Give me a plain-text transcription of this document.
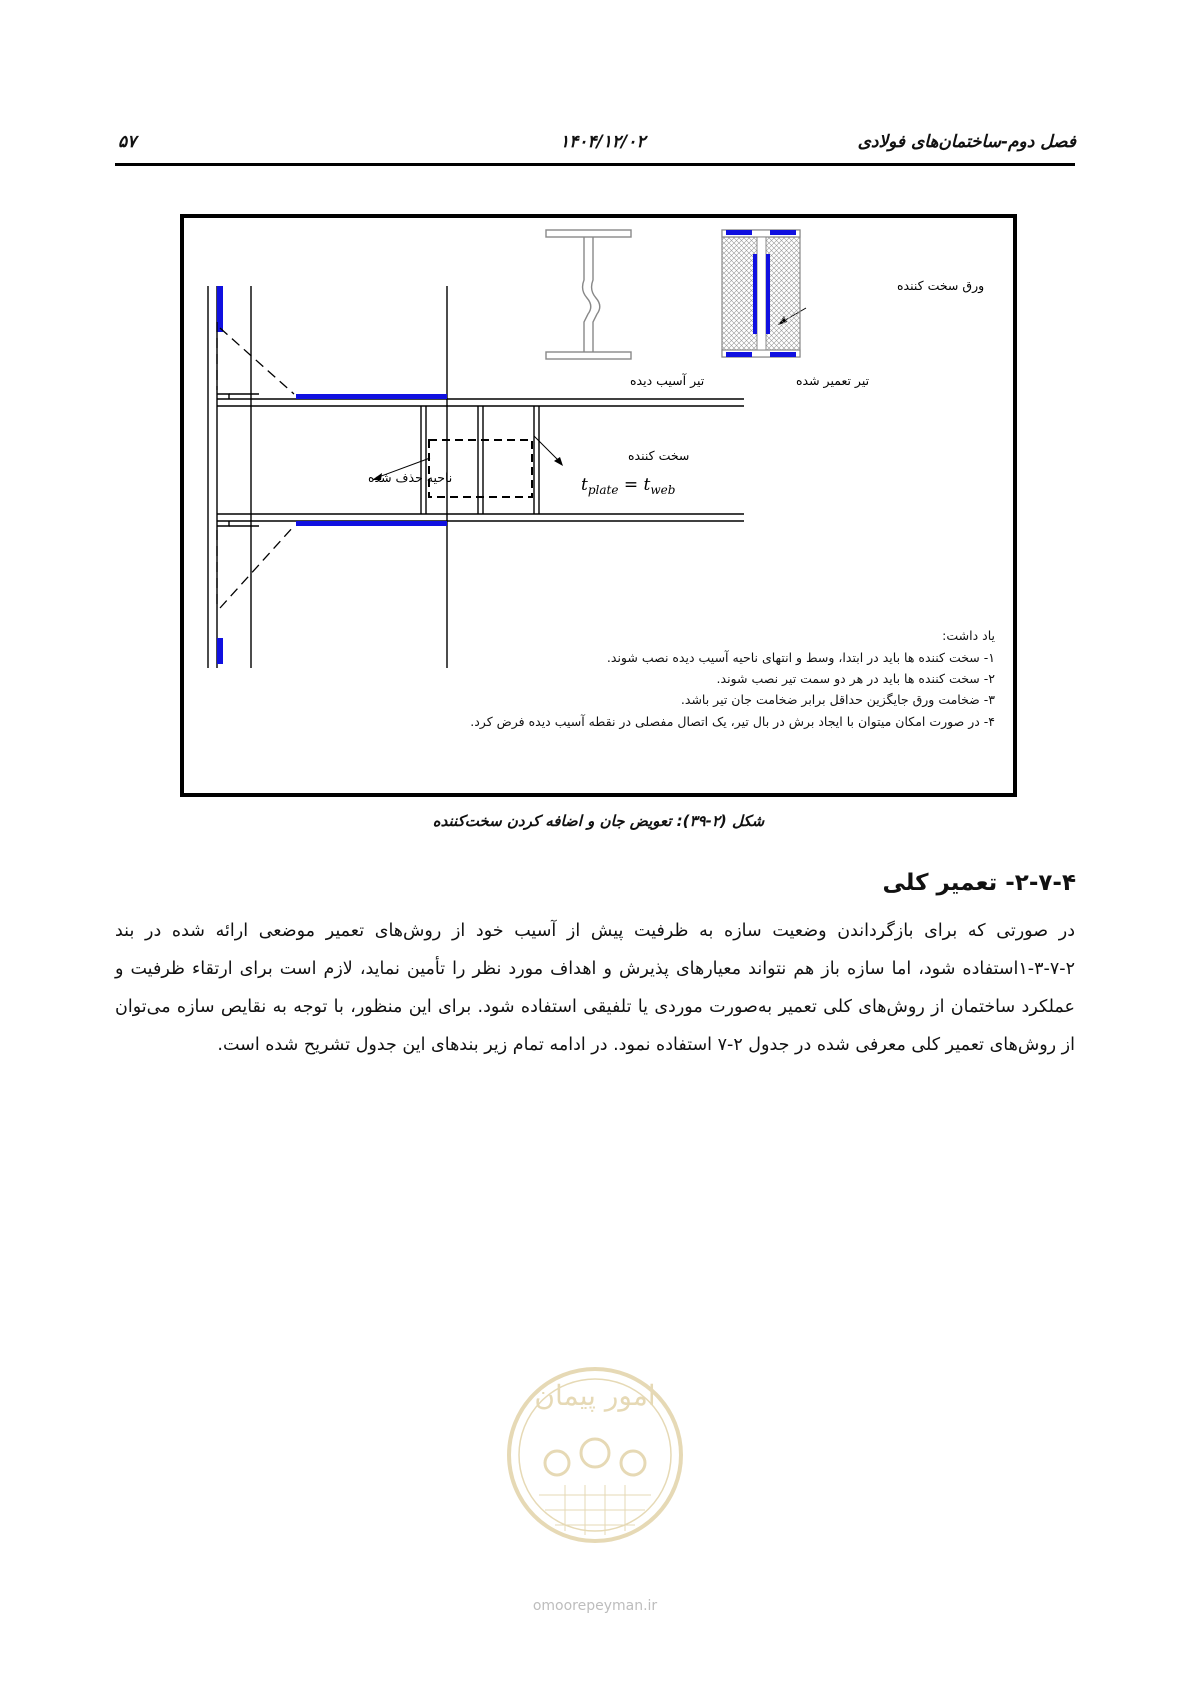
فصل دوم-ساختمان‌های فولادی
۱۴۰۴/۱۲/۰۲
۵۷
ورق سخت کننده
تیر تعمیر شده
تیر آسیب دیده
ناحیه حذف شده
سخت کننده
$t_{plate} = t_{web}$
یاد داشت:
۱- سخت کننده ها باید در ابتدا، وسط و انتهای ناحیه آسیب دیده نصب شوند.
۲- سخت کننده ها باید در هر دو سمت تیر نصب شوند.
۳- ضخامت ورق جایگزین حداقل برابر ضخامت جان تیر باشد.
۴- در صورت امکان میتوان با ایجاد برش در بال تیر، یک اتصال مفصلی در نقطه آسیب دیده فرض کرد.
شکل (۲-۳۹): تعویض جان و اضافه کردن سخت‌کننده
۲-۷-۴- تعمیر کلی
در صورتی که برای بازگرداندن وضعیت سازه به ظرفیت پیش از آسیب خود از روش‌های تعمیر موضعی ارائه شده در بند ۲-۷-۳-۱استفاده شود، اما سازه باز هم نتواند معیارهای پذیرش و اهداف مورد نظر را تأمین نماید، لازم است برای ارتقاء ظرفیت و عملکرد ساختمان از روش‌های کلی تعمیر به‌صورت موردی یا تلفیقی استفاده شود. برای این منظور، با توجه به نقایص سازه می‌توان از روش‌های تعمیر کلی معرفی شده در جدول ۲-۷ استفاده نمود. در ادامه تمام زیر بندهای این جدول تشریح شده است.
امور پیمان
omoorepeyman.ir
